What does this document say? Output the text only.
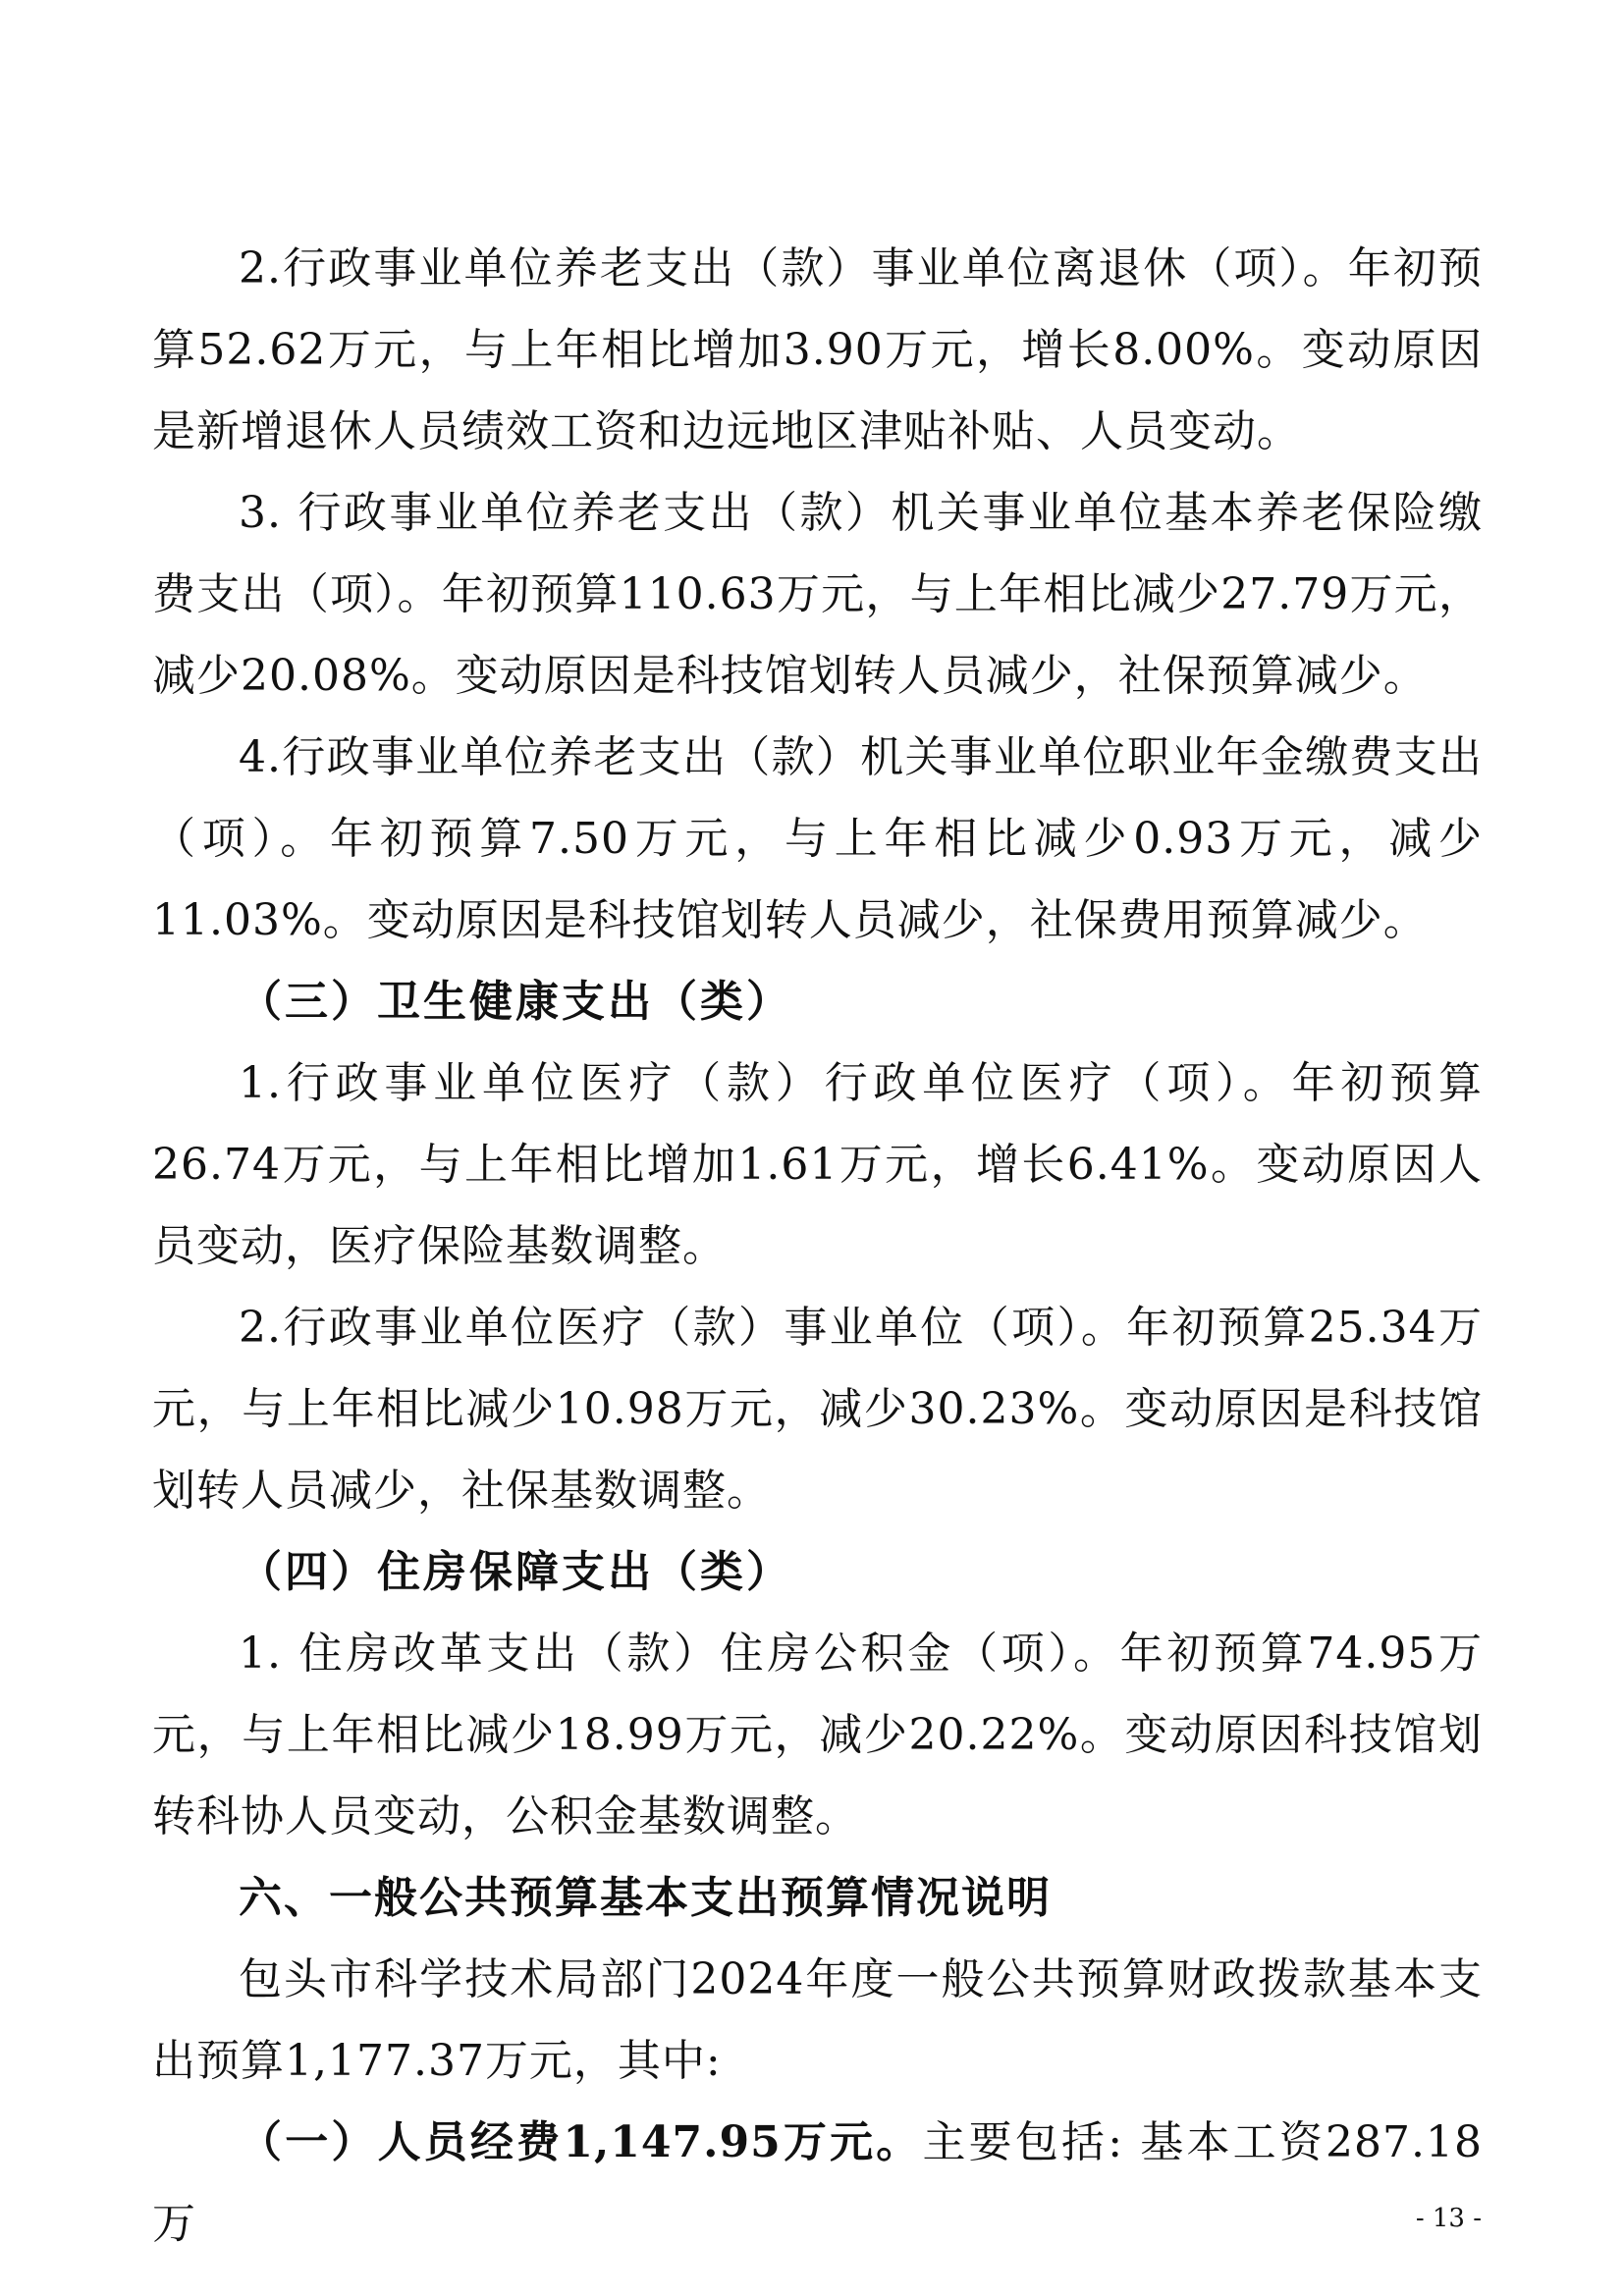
2.行政事业单位养老支出（款）事业单位离退休（项）。年初预算52.62万元，与上年相比增加3.90万元，增长8.00%。变动原因是新增退休人员绩效工资和边远地区津贴补贴、人员变动。

3. 行政事业单位养老支出（款）机关事业单位基本养老保险缴费支出（项）。年初预算110.63万元，与上年相比减少27.79万元，减少20.08%。变动原因是科技馆划转人员减少，社保预算减少。

4.行政事业单位养老支出（款）机关事业单位职业年金缴费支出（项）。年初预算7.50万元，与上年相比减少0.93万元，减少11.03%。变动原因是科技馆划转人员减少，社保费用预算减少。

（三）卫生健康支出（类）

1.行政事业单位医疗（款）行政单位医疗（项）。年初预算26.74万元，与上年相比增加1.61万元，增长6.41%。变动原因人员变动，医疗保险基数调整。

2.行政事业单位医疗（款）事业单位（项）。年初预算25.34万元，与上年相比减少10.98万元，减少30.23%。变动原因是科技馆划转人员减少，社保基数调整。

（四）住房保障支出（类）

1. 住房改革支出（款）住房公积金（项）。年初预算74.95万元，与上年相比减少18.99万元，减少20.22%。变动原因科技馆划转科协人员变动，公积金基数调整。

六、一般公共预算基本支出预算情况说明

包头市科学技术局部门2024年度一般公共预算财政拨款基本支出预算1,177.37万元，其中:

（一）人员经费1,147.95万元。主要包括: 基本工资287.18万	- 13 -
